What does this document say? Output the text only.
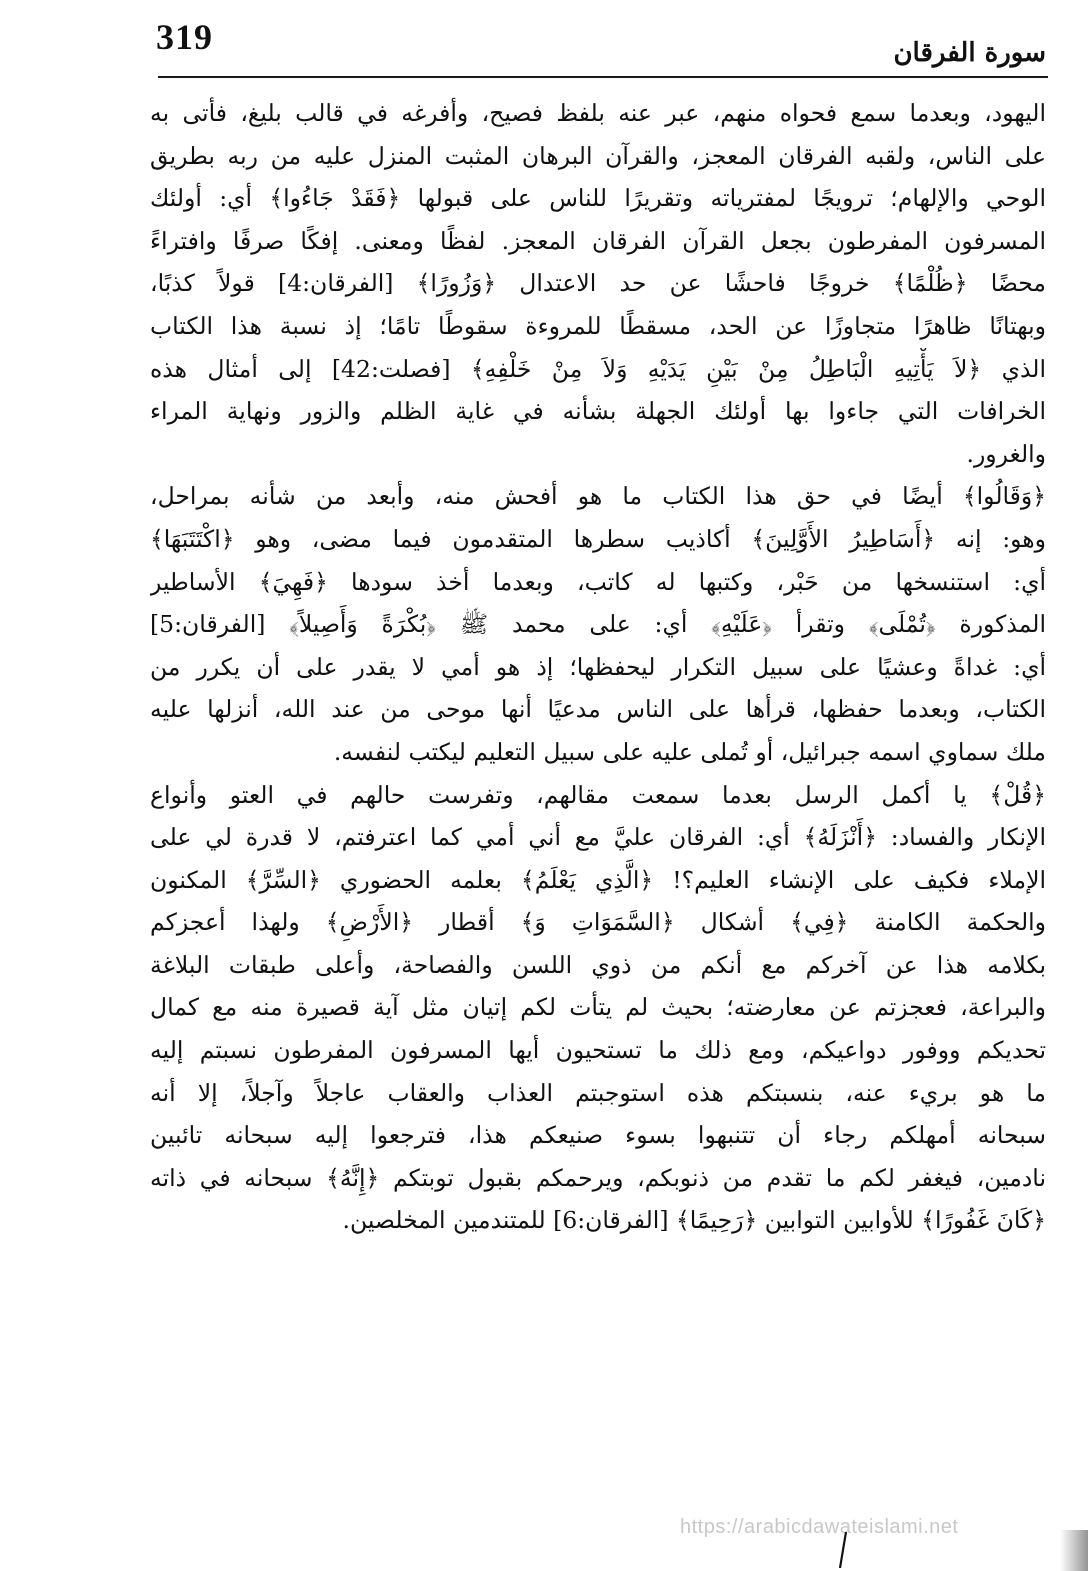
319	سورة الفرقان
اليهود، وبعدما سمع فحواه منهم، عبر عنه بلفظ فصيح، وأفرغه في قالب بليغ، فأتى به
على الناس، ولقبه الفرقان المعجز، والقرآن البرهان المثبت المنزل عليه من ربه بطريق
الوحي والإلهام؛ ترويجًا لمفترياته وتقريرًا للناس على قبولها ﴿فَقَدْ جَاءُوا﴾ أي: أولئك
المسرفون المفرطون بجعل القرآن الفرقان المعجز. لفظًا ومعنى. إفكًا صرفًا وافتراءً
محضًا ﴿ظُلْمًا﴾ خروجًا فاحشًا عن حد الاعتدال ﴿وَزُورًا﴾ [الفرقان:4] قولاً كذبًا،
وبهتانًا ظاهرًا متجاوزًا عن الحد، مسقطًا للمروءة سقوطًا تامًا؛ إذ نسبة هذا الكتاب
الذي ﴿لاَ يَأْتِيهِ الْبَاطِلُ مِنْ بَيْنِ يَدَيْهِ وَلاَ مِنْ خَلْفِهِ﴾ [فصلت:42] إلى أمثال هذه
الخرافات التي جاءوا بها أولئك الجهلة بشأنه في غاية الظلم والزور ونهاية المراء
والغرور.
﴿وَقَالُوا﴾ أيضًا في حق هذا الكتاب ما هو أفحش منه، وأبعد من شأنه بمراحل،
وهو: إنه ﴿أَسَاطِيرُ الأَوَّلِينَ﴾ أكاذيب سطرها المتقدمون فيما مضى، وهو ﴿اكْتَتَبَهَا﴾
أي: استنسخها من حَبْر، وكتبها له كاتب، وبعدما أخذ سودها ﴿فَهِيَ﴾ الأساطير
المذكورة ﴿تُمْلَى﴾ وتقرأ ﴿عَلَيْهِ﴾ أي: على محمد ﷺ ﴿بُكْرَةً وَأَصِيلاً﴾ [الفرقان:5]
أي: غداةً وعشيًا على سبيل التكرار ليحفظها؛ إذ هو أمي لا يقدر على أن يكرر من
الكتاب، وبعدما حفظها، قرأها على الناس مدعيًا أنها موحى من عند الله، أنزلها عليه
ملك سماوي اسمه جبرائيل، أو تُملى عليه على سبيل التعليم ليكتب لنفسه.
﴿قُلْ﴾ يا أكمل الرسل بعدما سمعت مقالهم، وتفرست حالهم في العتو وأنواع
الإنكار والفساد: ﴿أَنْزَلَهُ﴾ أي: الفرقان عليَّ مع أني أمي كما اعترفتم، لا قدرة لي على
الإملاء فكيف على الإنشاء العليم؟! ﴿الَّذِي يَعْلَمُ﴾ بعلمه الحضوري ﴿السِّرَّ﴾ المكنون
والحكمة الكامنة ﴿فِي﴾ أشكال ﴿السَّمَوَاتِ وَ﴾ أقطار ﴿الأَرْضِ﴾ ولهذا أعجزكم
بكلامه هذا عن آخركم مع أنكم من ذوي اللسن والفصاحة، وأعلى طبقات البلاغة
والبراعة، فعجزتم عن معارضته؛ بحيث لم يتأت لكم إتيان مثل آية قصيرة منه مع كمال
تحديكم ووفور دواعيكم، ومع ذلك ما تستحيون أيها المسرفون المفرطون نسبتم إليه
ما هو بريء عنه، بنسبتكم هذه استوجبتم العذاب والعقاب عاجلاً وآجلاً، إلا أنه
سبحانه أمهلكم رجاء أن تتنبهوا بسوء صنيعكم هذا، فترجعوا إليه سبحانه تائبين
نادمين، فيغفر لكم ما تقدم من ذنوبكم، ويرحمكم بقبول توبتكم ﴿إِنَّهُ﴾ سبحانه في ذاته
﴿كَانَ غَفُورًا﴾ للأوابين التوابين ﴿رَحِيمًا﴾ [الفرقان:6] للمتندمين المخلصين.
https://arabicdawateislami.net
